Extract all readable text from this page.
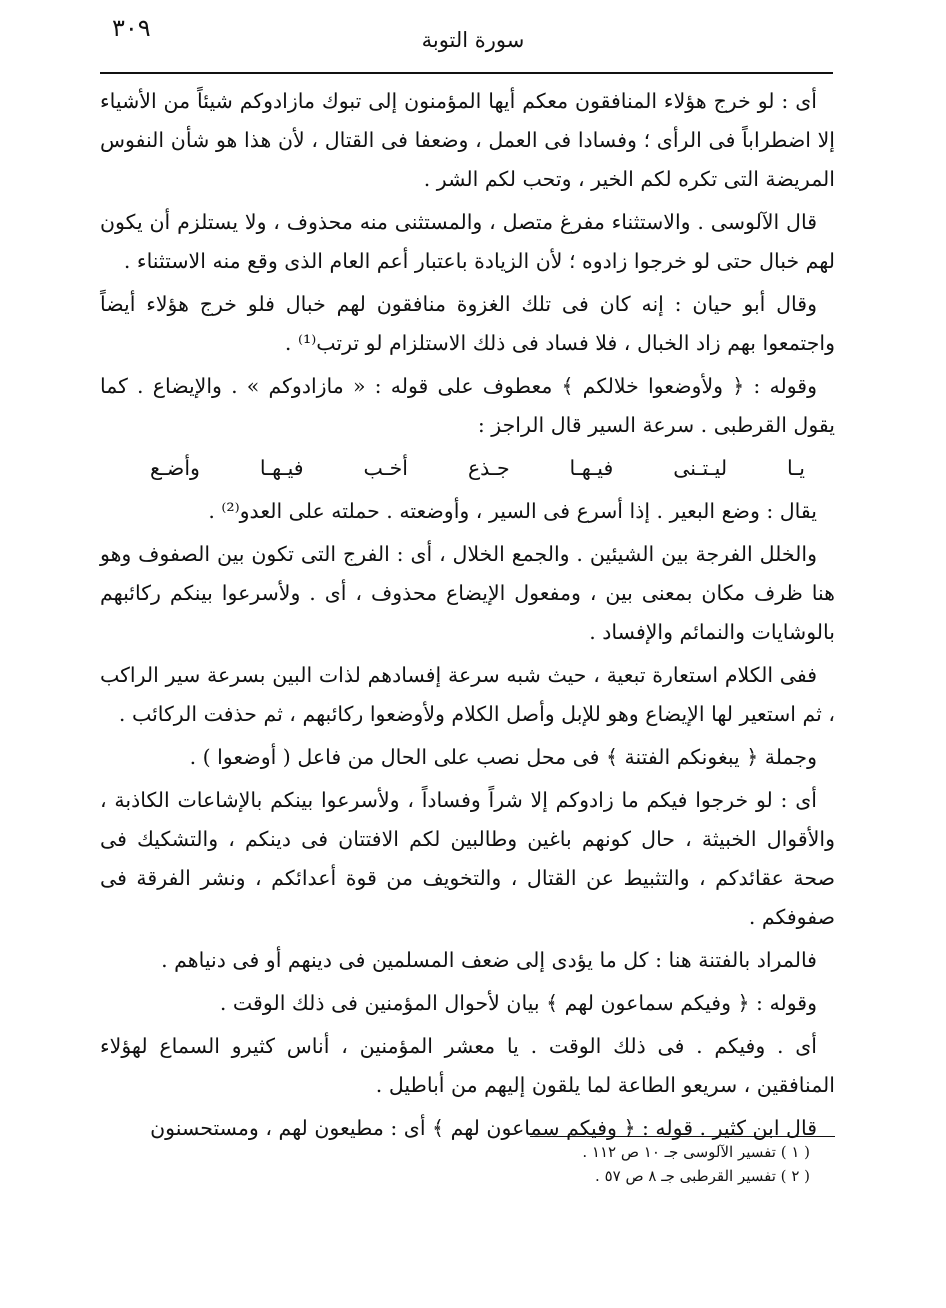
٣٠٩	سورة التوبة

أى : لو خرج هؤلاء المنافقون معكم أيها المؤمنون إلى تبوك مازادوكم شيئاً من الأشياء إلا اضطراباً فى الرأى ؛ وفسادا فى العمل ، وضعفا فى القتال ، لأن هذا هو شأن النفوس المريضة التى تكره لكم الخير ، وتحب لكم الشر .

قال الآلوسى . والاستثناء مفرغ متصل ، والمستثنى منه محذوف ، ولا يستلزم أن يكون لهم خبال حتى لو خرجوا زادوه ؛ لأن الزيادة باعتبار أعم العام الذى وقع منه الاستثناء .

وقال أبو حيان : إنه كان فى تلك الغزوة منافقون لهم خبال فلو خرج هؤلاء أيضاً واجتمعوا بهم زاد الخبال ، فلا فساد فى ذلك الاستلزام لو ترتب⁽¹⁾ .

وقوله : ﴿ ولأوضعوا خلالكم ﴾ معطوف على قوله : « مازادوكم » . والإيضاع . كما يقول القرطبى . سرعة السير قال الراجز :

يـا ليـتـنى فيـهـا جـذع أخـب فيـهـا وأضـع

يقال : وضع البعير . إذا أسرع فى السير ، وأوضعته . حملته على العدو⁽²⁾ .

والخلل الفرجة بين الشيئين . والجمع الخلال ، أى : الفرج التى تكون بين الصفوف وهو هنا ظرف مكان بمعنى بين ، ومفعول الإيضاع محذوف ، أى . ولأسرعوا بينكم ركائبهم بالوشايات والنمائم والإفساد .

ففى الكلام استعارة تبعية ، حيث شبه سرعة إفسادهم لذات البين بسرعة سير الراكب ، ثم استعير لها الإيضاع وهو للإبل وأصل الكلام ولأوضعوا ركائبهم ، ثم حذفت الركائب .

وجملة ﴿ يبغونكم الفتنة ﴾ فى محل نصب على الحال من فاعل ( أوضعوا ) .

أى : لو خرجوا فيكم ما زادوكم إلا شراً وفساداً ، ولأسرعوا بينكم بالإشاعات الكاذبة ، والأقوال الخبيثة ، حال كونهم باغين وطالبين لكم الافتتان فى دينكم ، والتشكيك فى صحة عقائدكم ، والتثبيط عن القتال ، والتخويف من قوة أعدائكم ، ونشر الفرقة فى صفوفكم .

فالمراد بالفتنة هنا : كل ما يؤدى إلى ضعف المسلمين فى دينهم أو فى دنياهم .

وقوله : ﴿ وفيكم سماعون لهم ﴾ بيان لأحوال المؤمنين فى ذلك الوقت .

أى . وفيكم . فى ذلك الوقت . يا معشر المؤمنين ، أناس كثيرو السماع لهؤلاء المنافقين ، سريعو الطاعة لما يلقون إليهم من أباطيل .

قال ابن كثير . قوله : ﴿ وفيكم سماعون لهم ﴾ أى : مطيعون لهم ، ومستحسنون

( ١ ) تفسير الآلوسى جـ ١٠ ص ١١٢ .
( ٢ ) تفسير القرطبى جـ ٨ ص ٥٧ .
